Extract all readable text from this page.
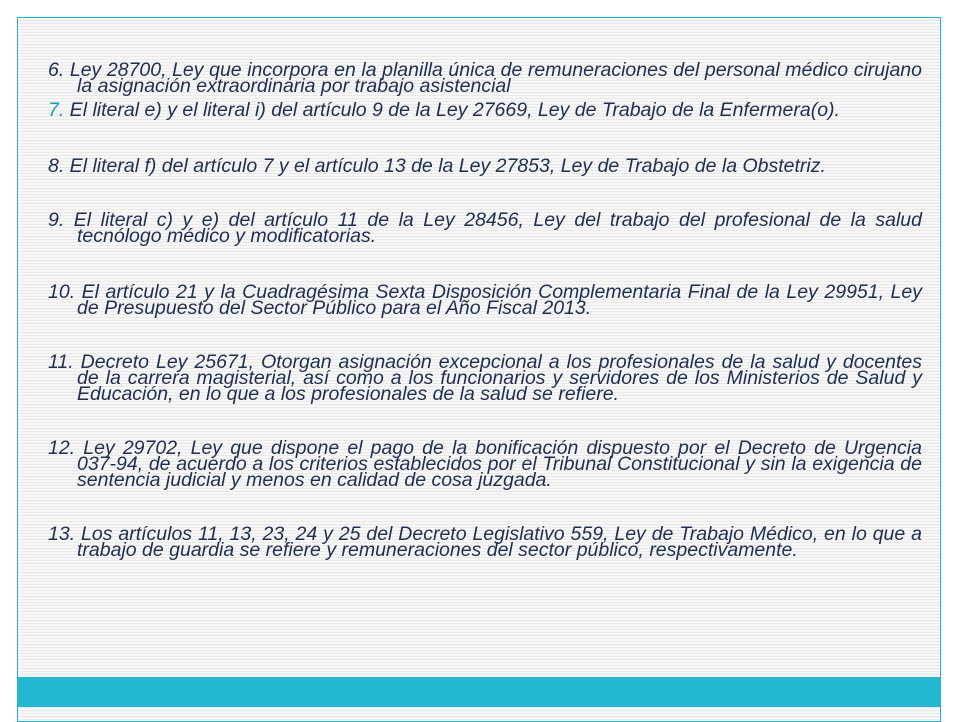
6. Ley 28700, Ley que incorpora en la planilla única de remuneraciones del personal médico cirujano la asignación extraordinaria por trabajo asistencial
7. El literal e) y el literal i) del artículo 9 de la Ley 27669, Ley de Trabajo de la Enfermera(o).
8. El literal f) del artículo 7 y el artículo 13 de la Ley 27853, Ley de Trabajo de la Obstetriz.
9. El literal c) y e) del artículo 11 de la Ley 28456, Ley del trabajo del profesional de la salud tecnólogo médico y modificatorias.
10. El artículo 21 y la Cuadragésima Sexta Disposición Complementaria Final de la Ley 29951, Ley de Presupuesto del Sector Público para el Año Fiscal 2013.
11. Decreto Ley 25671, Otorgan asignación excepcional a los profesionales de la salud y docentes de la carrera magisterial, así como a los funcionarios y servidores de los Ministerios de Salud y Educación, en lo que a los profesionales de la salud se refiere.
12. Ley 29702, Ley que dispone el pago de la bonificación dispuesto por el Decreto de Urgencia 037-94, de acuerdo a los criterios establecidos por el Tribunal Constitucional y sin la exigencia de sentencia judicial y menos en calidad de cosa juzgada.
13. Los artículos 11, 13, 23, 24 y 25 del Decreto Legislativo 559, Ley de Trabajo Médico, en lo que a trabajo de guardia se refiere y remuneraciones del sector público, respectivamente.
